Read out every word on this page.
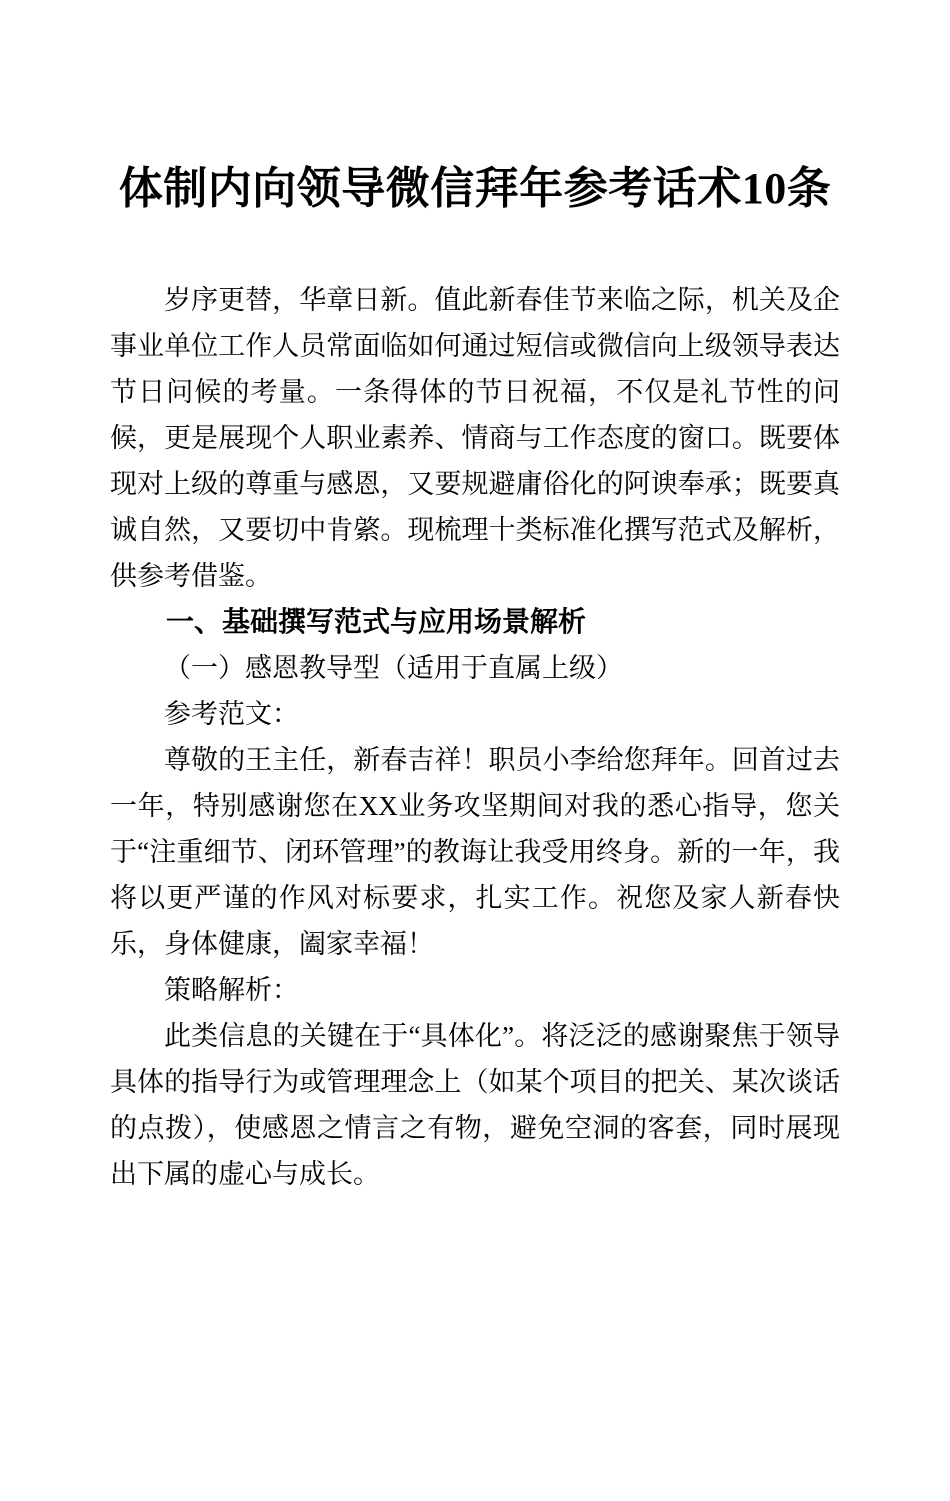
体制内向领导微信拜年参考话术10条

岁序更替，华章日新。值此新春佳节来临之际，机关及企事业单位工作人员常面临如何通过短信或微信向上级领导表达节日问候的考量。一条得体的节日祝福，不仅是礼节性的问候，更是展现个人职业素养、情商与工作态度的窗口。既要体现对上级的尊重与感恩，又要规避庸俗化的阿谀奉承；既要真诚自然，又要切中肯綮。现梳理十类标准化撰写范式及解析，供参考借鉴。

一、基础撰写范式与应用场景解析
（一）感恩教导型（适用于直属上级）

参考范文：

尊敬的王主任，新春吉祥！职员小李给您拜年。回首过去一年，特别感谢您在XX业务攻坚期间对我的悉心指导，您关于“注重细节、闭环管理”的教诲让我受用终身。新的一年，我将以更严谨的作风对标要求，扎实工作。祝您及家人新春快乐，身体健康，阖家幸福！

策略解析：

此类信息的关键在于“具体化”。将泛泛的感谢聚焦于领导具体的指导行为或管理理念上（如某个项目的把关、某次谈话的点拨），使感恩之情言之有物，避免空洞的客套，同时展现出下属的虚心与成长。
